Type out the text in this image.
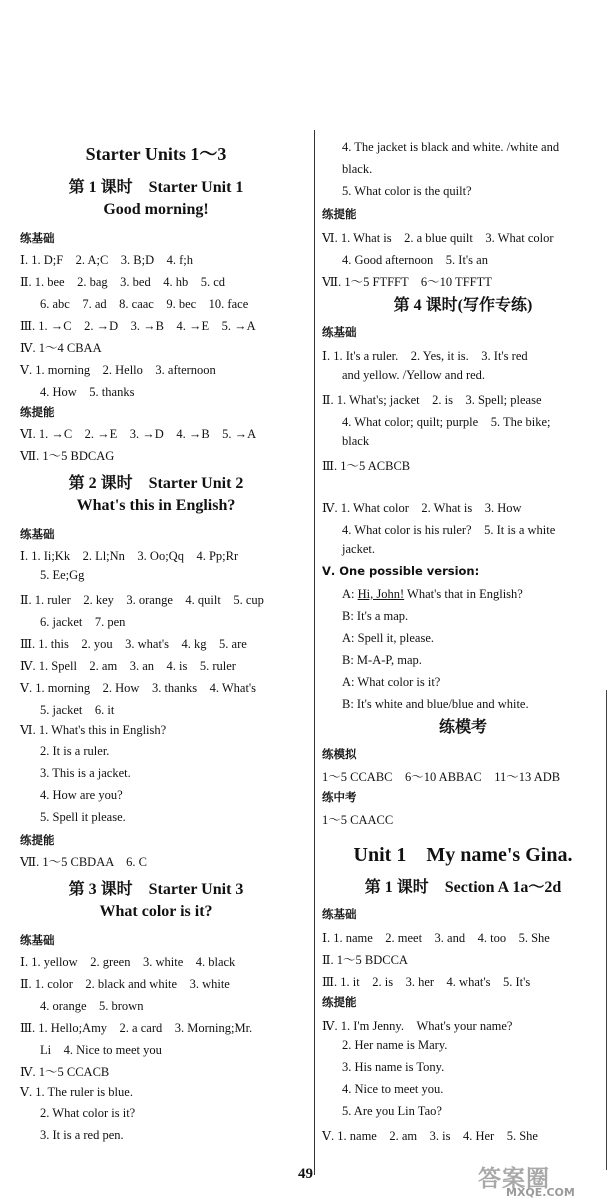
Starter Units 1～3
第 1 课时　Starter Unit 1
Good morning!
练基础
Ⅰ. 1. D;F　2. A;C　3. B;D　4. f;h
Ⅱ. 1. bee　2. bag　3. bed　4. hb　5. cd
6. abc　7. ad　8. caac　9. bec　10. face
Ⅲ. 1. →C　2. →D　3. →B　4. →E　5. →A
Ⅳ. 1～4 CBAA
Ⅴ. 1. morning　2. Hello　3. afternoon
4. How　5. thanks
练提能
Ⅵ. 1. →C　2. →E　3. →D　4. →B　5. →A
Ⅶ. 1～5 BDCAG
第 2 课时　Starter Unit 2
What's this in English?
练基础
Ⅰ. 1. Ii;Kk　2. Ll;Nn　3. Oo;Qq　4. Pp;Rr
5. Ee;Gg
Ⅱ. 1. ruler　2. key　3. orange　4. quilt　5. cup
6. jacket　7. pen
Ⅲ. 1. this　2. you　3. what's　4. kg　5. are
Ⅳ. 1. Spell　2. am　3. an　4. is　5. ruler
Ⅴ. 1. morning　2. How　3. thanks　4. What's
5. jacket　6. it
Ⅵ. 1. What's this in English?
2. It is a ruler.
3. This is a jacket.
4. How are you?
5. Spell it please.
练提能
Ⅶ. 1～5 CBDAA　6. C
第 3 课时　Starter Unit 3
What color is it?
练基础
Ⅰ. 1. yellow　2. green　3. white　4. black
Ⅱ. 1. color　2. black and white　3. white
4. orange　5. brown
Ⅲ. 1. Hello;Amy　2. a card　3. Morning;Mr.
Li　4. Nice to meet you
Ⅳ. 1～5 CCACB
Ⅴ. 1. The ruler is blue.
2. What color is it?
3. It is a red pen.
4. The jacket is black and white. /white and
black.
5. What color is the quilt?
练提能
Ⅵ. 1. What is　2. a blue quilt　3. What color
4. Good afternoon　5. It's an
Ⅶ. 1～5 FTFFT　6～10 TFFTT
第 4 课时(写作专练)
练基础
Ⅰ. 1. It's a ruler.　2. Yes, it is.　3. It's red
and yellow. /Yellow and red.
Ⅱ. 1. What's; jacket　2. is　3. Spell; please
4. What color; quilt; purple　5. The bike;
black
Ⅲ. 1～5 ACBCB
Ⅳ. 1. What color　2. What is　3. How
4. What color is his ruler?　5. It is a white
jacket.
Ⅴ. One possible version:
A: Hi, John! What's that in English?
B: It's a map.
A: Spell it, please.
B: M-A-P, map.
A: What color is it?
B: It's white and blue/blue and white.
练模考
练模拟
1～5 CCABC　6～10 ABBAC　11～13 ADB
练中考
1～5 CAACC
Unit 1　My name's Gina.
第 1 课时　Section A 1a～2d
练基础
Ⅰ. 1. name　2. meet　3. and　4. too　5. She
Ⅱ. 1～5 BDCCA
Ⅲ. 1. it　2. is　3. her　4. what's　5. It's
练提能
Ⅳ. 1. I'm Jenny.　What's your name?
2. Her name is Mary.
3. His name is Tony.
4. Nice to meet you.
5. Are you Lin Tao?
Ⅴ. 1. name　2. am　3. is　4. Her　5. She
49	答案圈
MXQE.COM
